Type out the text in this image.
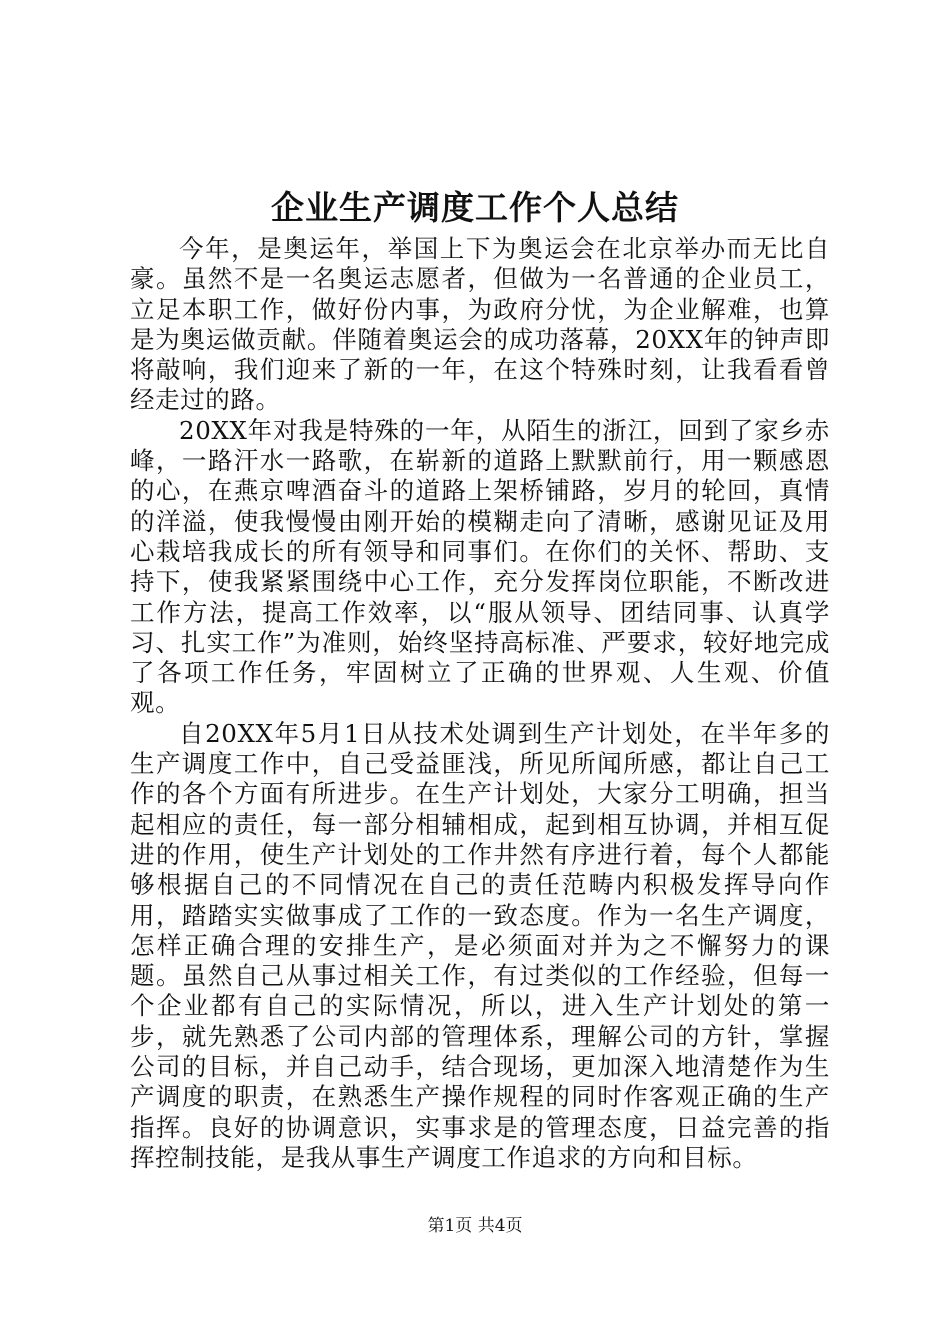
企业生产调度工作个人总结

今年，是奥运年，举国上下为奥运会在北京举办而无比自豪。虽然不是一名奥运志愿者，但做为一名普通的企业员工，立足本职工作，做好份内事，为政府分忧，为企业解难，也算是为奥运做贡献。伴随着奥运会的成功落幕，20XX年的钟声即将敲响，我们迎来了新的一年，在这个特殊时刻，让我看看曾经走过的路。

20XX年对我是特殊的一年，从陌生的浙江，回到了家乡赤峰，一路汗水一路歌，在崭新的道路上默默前行，用一颗感恩的心，在燕京啤酒奋斗的道路上架桥铺路，岁月的轮回，真情的洋溢，使我慢慢由刚开始的模糊走向了清晰，感谢见证及用心栽培我成长的所有领导和同事们。在你们的关怀、帮助、支持下，使我紧紧围绕中心工作，充分发挥岗位职能，不断改进工作方法，提高工作效率，以“服从领导、团结同事、认真学习、扎实工作”为准则，始终坚持高标准、严要求，较好地完成了各项工作任务，牢固树立了正确的世界观、人生观、价值观。

自20XX年5月1日从技术处调到生产计划处，在半年多的生产调度工作中，自己受益匪浅，所见所闻所感，都让自己工作的各个方面有所进步。在生产计划处，大家分工明确，担当起相应的责任，每一部分相辅相成，起到相互协调，并相互促进的作用，使生产计划处的工作井然有序进行着，每个人都能够根据自己的不同情况在自己的责任范畴内积极发挥导向作用，踏踏实实做事成了工作的一致态度。作为一名生产调度，怎样正确合理的安排生产，是必须面对并为之不懈努力的课题。虽然自己从事过相关工作，有过类似的工作经验，但每一个企业都有自己的实际情况，所以，进入生产计划处的第一步，就先熟悉了公司内部的管理体系，理解公司的方针，掌握公司的目标，并自己动手，结合现场，更加深入地清楚作为生产调度的职责，在熟悉生产操作规程的同时作客观正确的生产指挥。良好的协调意识，实事求是的管理态度，日益完善的指挥控制技能，是我从事生产调度工作追求的方向和目标。

第1页 共4页
